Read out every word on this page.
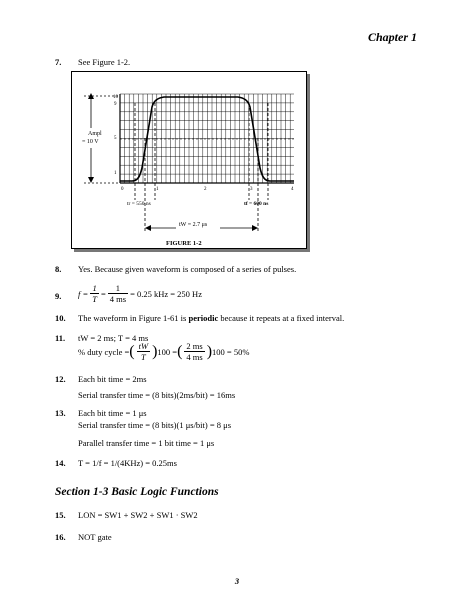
Chapter 1
7. See Figure 1-2.
Ampl
= 10 V
10
9
5
1
0	1	2	3	4
tr = 550 ns	tf = 600 ns
tW = 2.7 μs
FIGURE 1-2
8. Yes. Because given waveform is composed of a series of pulses.
9. $f = \frac{1}{T} = \frac{1}{4 ms} = 0.25$ kHz = 250 Hz
10. The waveform in Figure 1-61 is periodic because it repeats at a fixed interval.
11. tW = 2 ms; T = 4 ms
% duty cycle = ( $\frac{tW}{T}$ ) 100 = ( $\frac{2 ms}{4 ms}$ ) 100 = 50%
12. Each bit time = 2ms
Serial transfer time = (8 bits)(2ms/bit) = 16ms
13. Each bit time = 1 μs
Serial transfer time = (8 bits)(1 μs/bit) = 8 μs
Parallel transfer time = 1 bit time = 1 μs
14. T = 1/f = 1/(4KHz) = 0.25ms
Section 1-3 Basic Logic Functions
15. LON = SW1 + SW2 + SW1 · SW2
16. NOT gate
3
